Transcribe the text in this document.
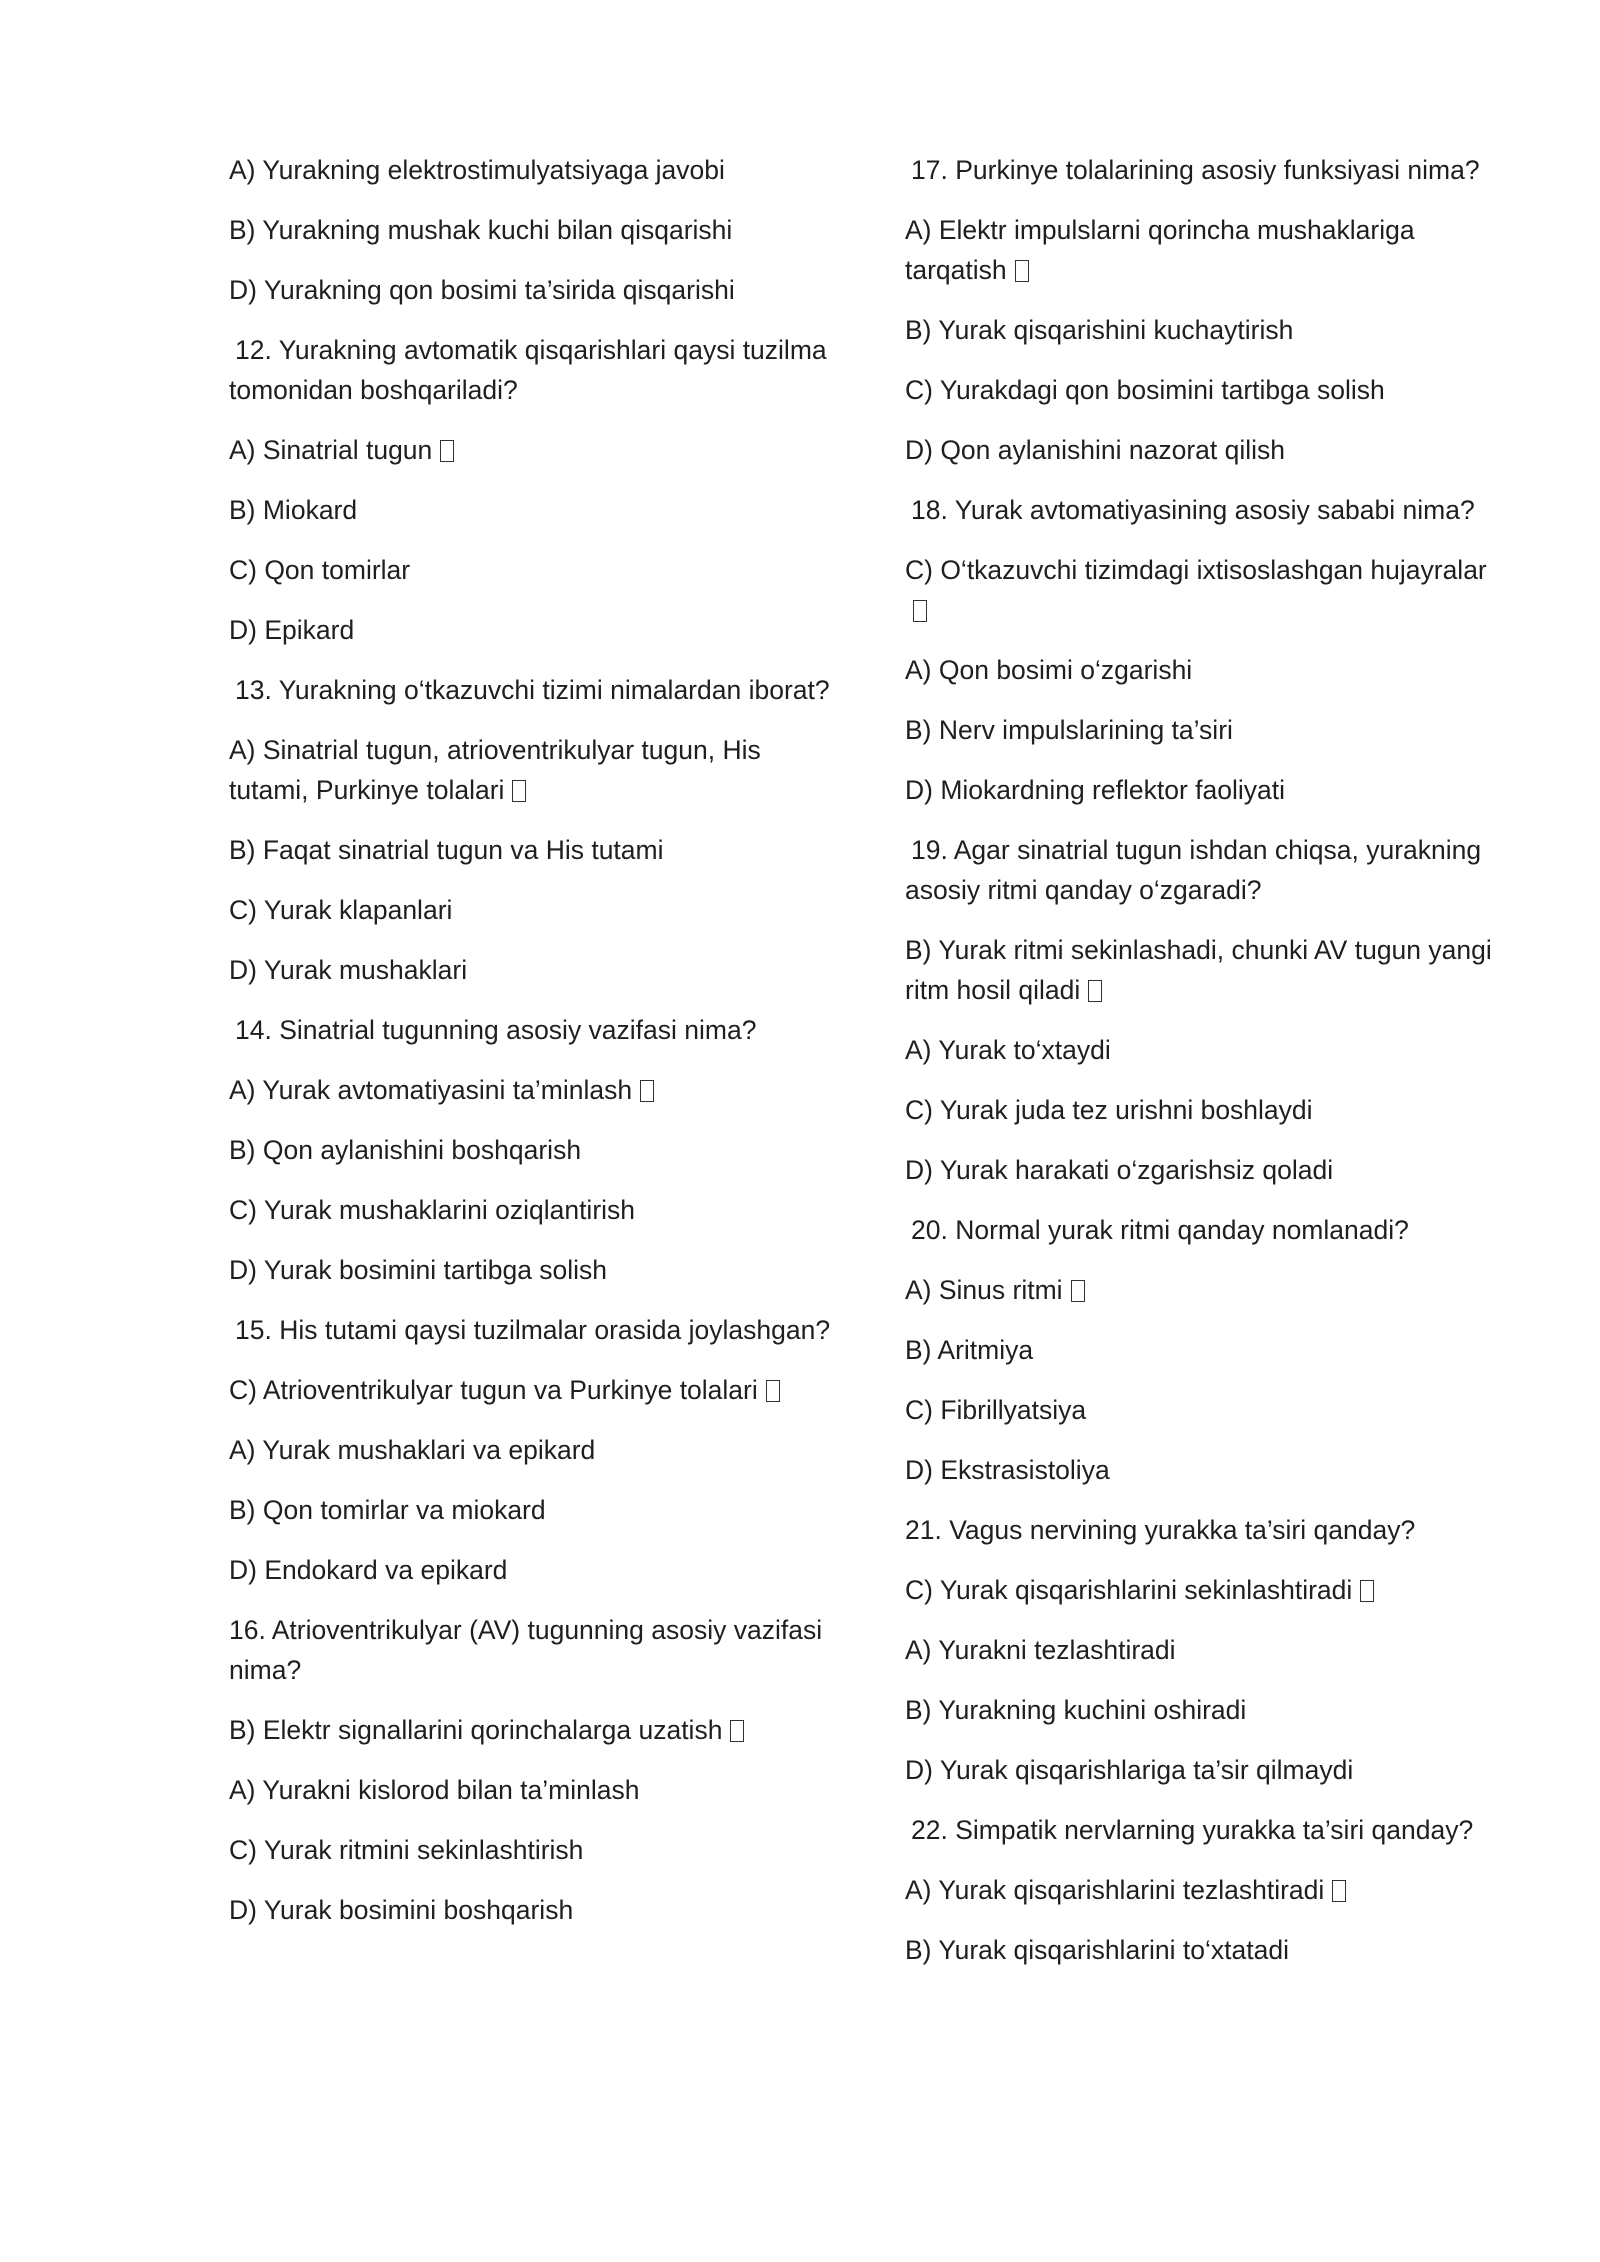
A) Yurakning elektrostimulyatsiyaga javobi

B) Yurakning mushak kuchi bilan qisqarishi

D) Yurakning qon bosimi ta’sirida qisqarishi

12. Yurakning avtomatik qisqarishlari qaysi tuzilma tomonidan boshqariladi?

A) Sinatrial tugun

B) Miokard

C) Qon tomirlar

D) Epikard

13. Yurakning o‘tkazuvchi tizimi nimalardan iborat?

A) Sinatrial tugun, atrioventrikulyar tugun, His tutami, Purkinye tolalari

B) Faqat sinatrial tugun va His tutami

C) Yurak klapanlari

D) Yurak mushaklari

14. Sinatrial tugunning asosiy vazifasi nima?

A) Yurak avtomatiyasini ta’minlash

B) Qon aylanishini boshqarish

C) Yurak mushaklarini oziqlantirish

D) Yurak bosimini tartibga solish

15. His tutami qaysi tuzilmalar orasida joylashgan?

C) Atrioventrikulyar tugun va Purkinye tolalari

A) Yurak mushaklari va epikard

B) Qon tomirlar va miokard

D) Endokard va epikard

16. Atrioventrikulyar (AV) tugunning asosiy vazifasi nima?

B) Elektr signallarini qorinchalarga uzatish

A) Yurakni kislorod bilan ta’minlash

C) Yurak ritmini sekinlashtirish

D) Yurak bosimini boshqarish

17. Purkinye tolalarining asosiy funksiyasi nima?

A) Elektr impulslarni qorincha mushaklariga tarqatish

B) Yurak qisqarishini kuchaytirish

C) Yurakdagi qon bosimini tartibga solish

D) Qon aylanishini nazorat qilish

18. Yurak avtomatiyasining asosiy sababi nima?

C) O‘tkazuvchi tizimdagi ixtisoslashgan hujayralar

A) Qon bosimi o‘zgarishi

B) Nerv impulslarining ta’siri

D) Miokardning reflektor faoliyati

19. Agar sinatrial tugun ishdan chiqsa, yurakning asosiy ritmi qanday o‘zgaradi?

B) Yurak ritmi sekinlashadi, chunki AV tugun yangi ritm hosil qiladi

A) Yurak to‘xtaydi

C) Yurak juda tez urishni boshlaydi

D) Yurak harakati o‘zgarishsiz qoladi

20. Normal yurak ritmi qanday nomlanadi?

A) Sinus ritmi

B) Aritmiya

C) Fibrillyatsiya

D) Ekstrasistoliya

21. Vagus nervining yurakka ta’siri qanday?

C) Yurak qisqarishlarini sekinlashtiradi

A) Yurakni tezlashtiradi

B) Yurakning kuchini oshiradi

D) Yurak qisqarishlariga ta’sir qilmaydi

22. Simpatik nervlarning yurakka ta’siri qanday?

A) Yurak qisqarishlarini tezlashtiradi

B) Yurak qisqarishlarini to‘xtatadi
